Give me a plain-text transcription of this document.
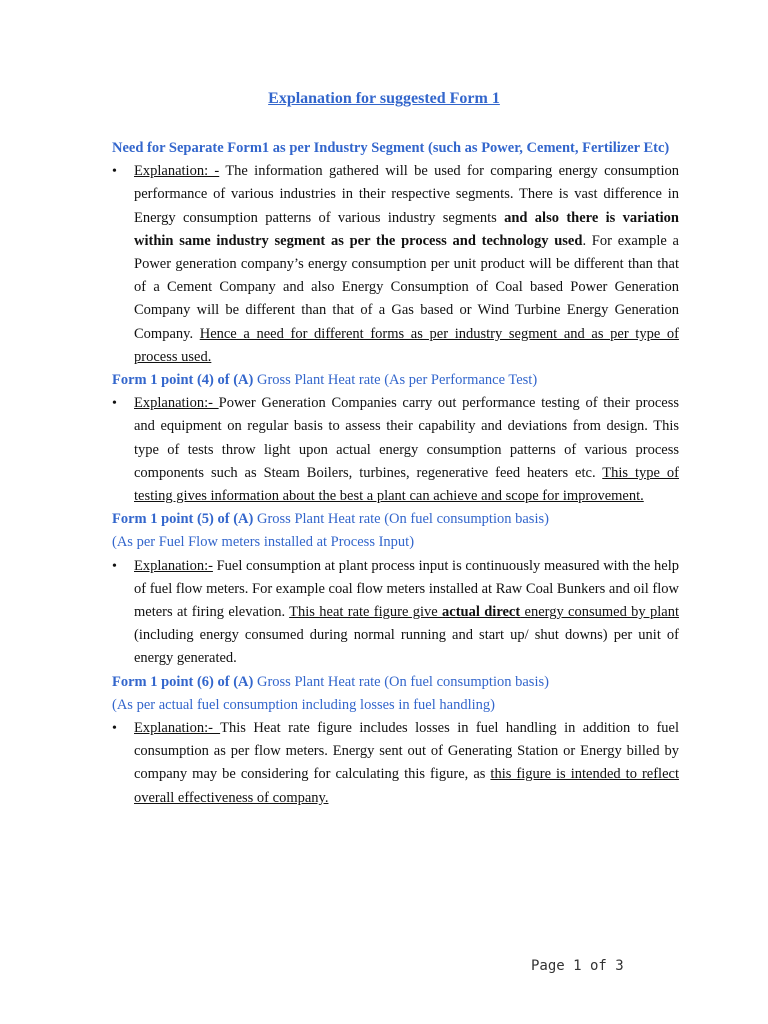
Explanation for suggested Form 1

Need for Separate Form1 as per Industry Segment (such as Power, Cement, Fertilizer Etc)

• Explanation: - The information gathered will be used for comparing energy consumption performance of various industries in their respective segments. There is vast difference in Energy consumption patterns of various industry segments and also there is variation within same industry segment as per the process and technology used. For example a Power generation company’s energy consumption per unit product will be different than that of a Cement Company and also Energy Consumption of Coal based Power Generation Company will be different than that of a Gas based or Wind Turbine Energy Generation Company. Hence a need for different forms as per industry segment and as per type of process used.

Form 1 point (4) of (A) Gross Plant Heat rate (As per Performance Test)

• Explanation:- Power Generation Companies carry out performance testing of their process and equipment on regular basis to assess their capability and deviations from design. This type of tests throw light upon actual energy consumption patterns of various process components such as Steam Boilers, turbines, regenerative feed heaters etc. This type of testing gives information about the best a plant can achieve and scope for improvement.

Form 1 point (5) of (A) Gross Plant Heat rate (On fuel consumption basis)

(As per Fuel Flow meters installed at Process Input)

• Explanation:- Fuel consumption at plant process input is continuously measured with the help of fuel flow meters. For example coal flow meters installed at Raw Coal Bunkers and oil flow meters at firing elevation. This heat rate figure give actual direct energy consumed by plant (including energy consumed during normal running and start up/ shut downs) per unit of energy generated.

Form 1 point (6) of (A) Gross Plant Heat rate (On fuel consumption basis)

(As per actual fuel consumption including losses in fuel handling)

• Explanation:- This Heat rate figure includes losses in fuel handling in addition to fuel consumption as per flow meters. Energy sent out of Generating Station or Energy billed by company may be considering for calculating this figure, as this figure is intended to reflect overall effectiveness of company.

Page 1 of 3
